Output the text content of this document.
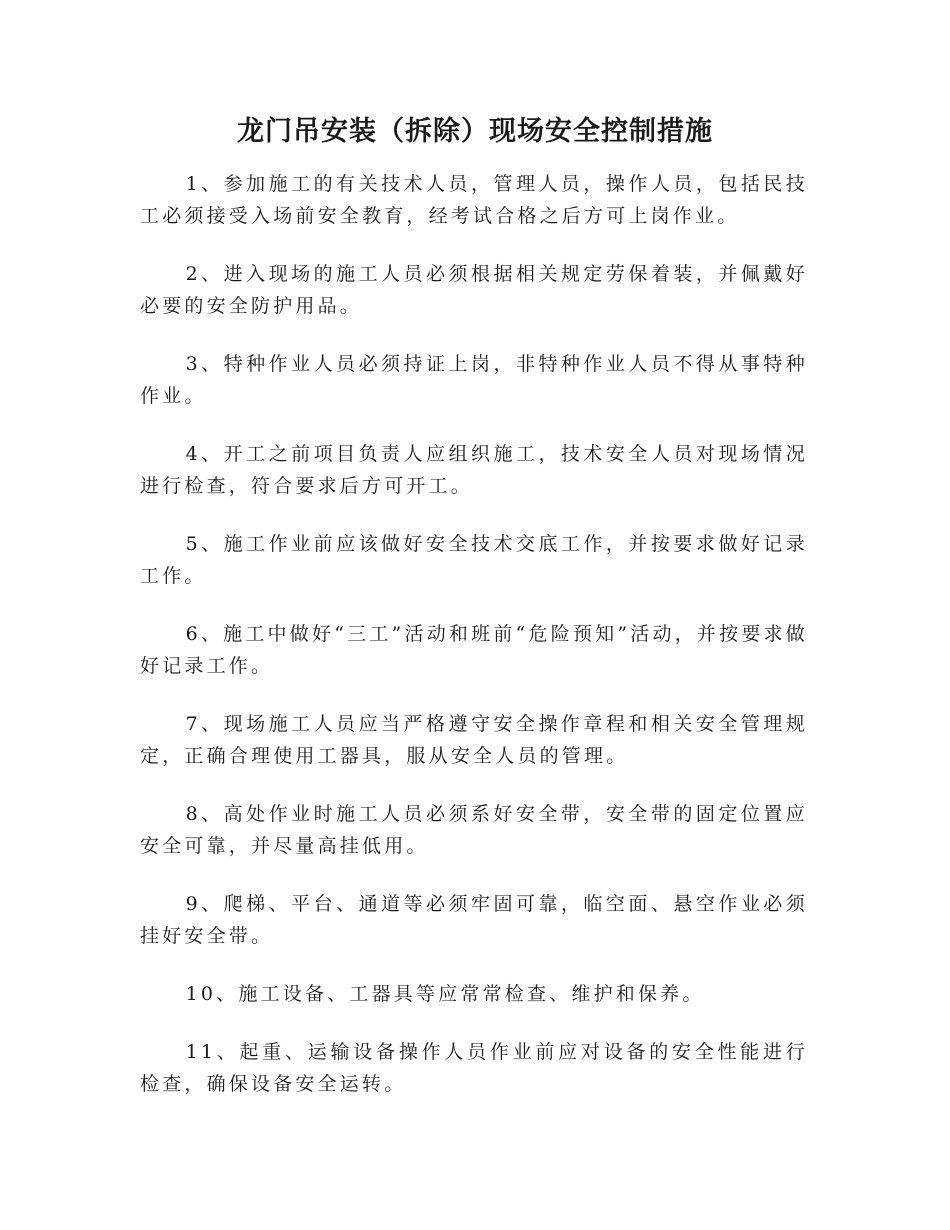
龙门吊安装（拆除）现场安全控制措施

1、参加施工的有关技术人员，管理人员，操作人员，包括民技工必须接受入场前安全教育，经考试合格之后方可上岗作业。

2、进入现场的施工人员必须根据相关规定劳保着装，并佩戴好必要的安全防护用品。

3、特种作业人员必须持证上岗，非特种作业人员不得从事特种作业。

4、开工之前项目负责人应组织施工，技术安全人员对现场情况进行检查，符合要求后方可开工。

5、施工作业前应该做好安全技术交底工作，并按要求做好记录工作。

6、施工中做好“三工”活动和班前“危险预知”活动，并按要求做好记录工作。

7、现场施工人员应当严格遵守安全操作章程和相关安全管理规定，正确合理使用工器具，服从安全人员的管理。

8、高处作业时施工人员必须系好安全带，安全带的固定位置应安全可靠，并尽量高挂低用。

9、爬梯、平台、通道等必须牢固可靠，临空面、悬空作业必须挂好安全带。

10、施工设备、工器具等应常常检查、维护和保养。

11、起重、运输设备操作人员作业前应对设备的安全性能进行检查，确保设备安全运转。
